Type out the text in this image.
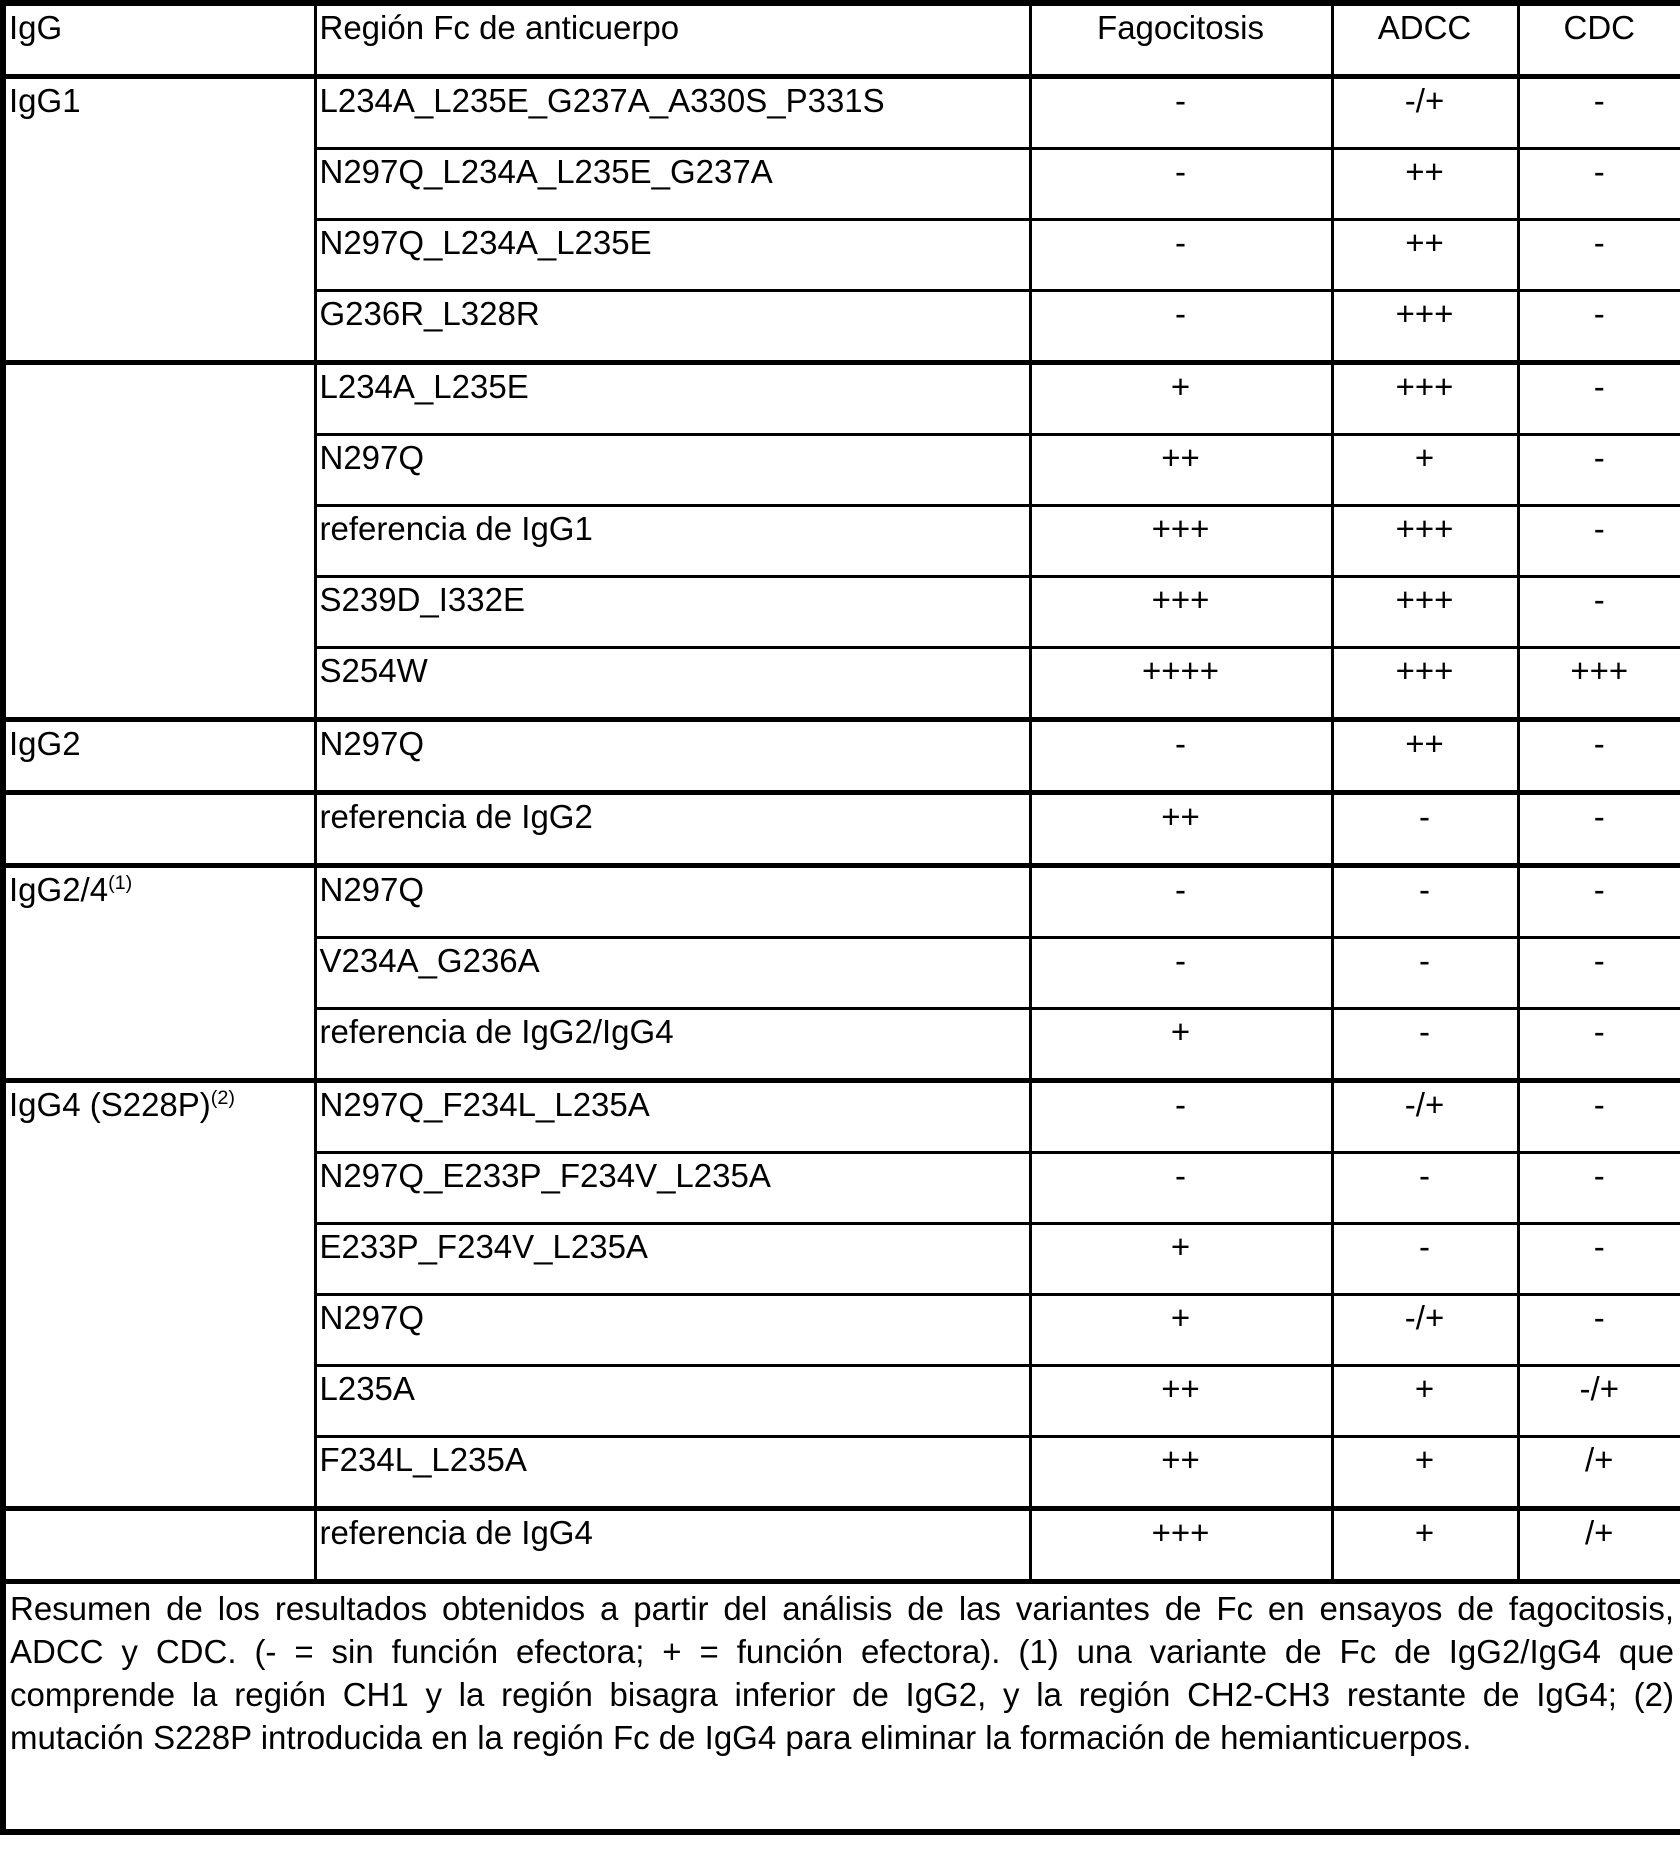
IgG	Región Fc de anticuerpo	Fagocitosis	ADCC	CDC
IgG1	L234A_L235E_G237A_A330S_P331S	-	-/+	-
	N297Q_L234A_L235E_G237A	-	++	-
	N297Q_L234A_L235E	-	++	-
	G236R_L328R	-	+++	-
	L234A_L235E	+	+++	-
	N297Q	++	+	-
	referencia de IgG1	+++	+++	-
	S239D_I332E	+++	+++	-
	S254W	++++	+++	+++
IgG2	N297Q	-	++	-
	referencia de IgG2	++	-	-
IgG2/4$^{(1)}$	N297Q	-	-	-
	V234A_G236A	-	-	-
	referencia de IgG2/IgG4	+	-	-
IgG4 $(S228P)^{(2)}$	N297Q_F234L_L235A	-	-/+	-
	N297Q_E233P_F234V_L235A	-	-	-
	E233P_F234V_L235A	+	-	-
	N297Q	+	-/+	-
	L235A	++	+	-/+
	F234L_L235A	++	+	/+
	referencia de IgG4	+++	+	/+
Resumen de los resultados obtenidos a partir del análisis de las variantes de Fc en ensayos de fagocitosis, ADCC y CDC. (- = sin función efectora; + = función efectora). (1) una variante de Fc de IgG2/IgG4 que comprende la región CH1 y la región bisagra inferior de IgG2, y la región CH2-CH3 restante de IgG4; (2) mutación S228P introducida en la región Fc de IgG4 para eliminar la formación de hemianticuerpos.				
